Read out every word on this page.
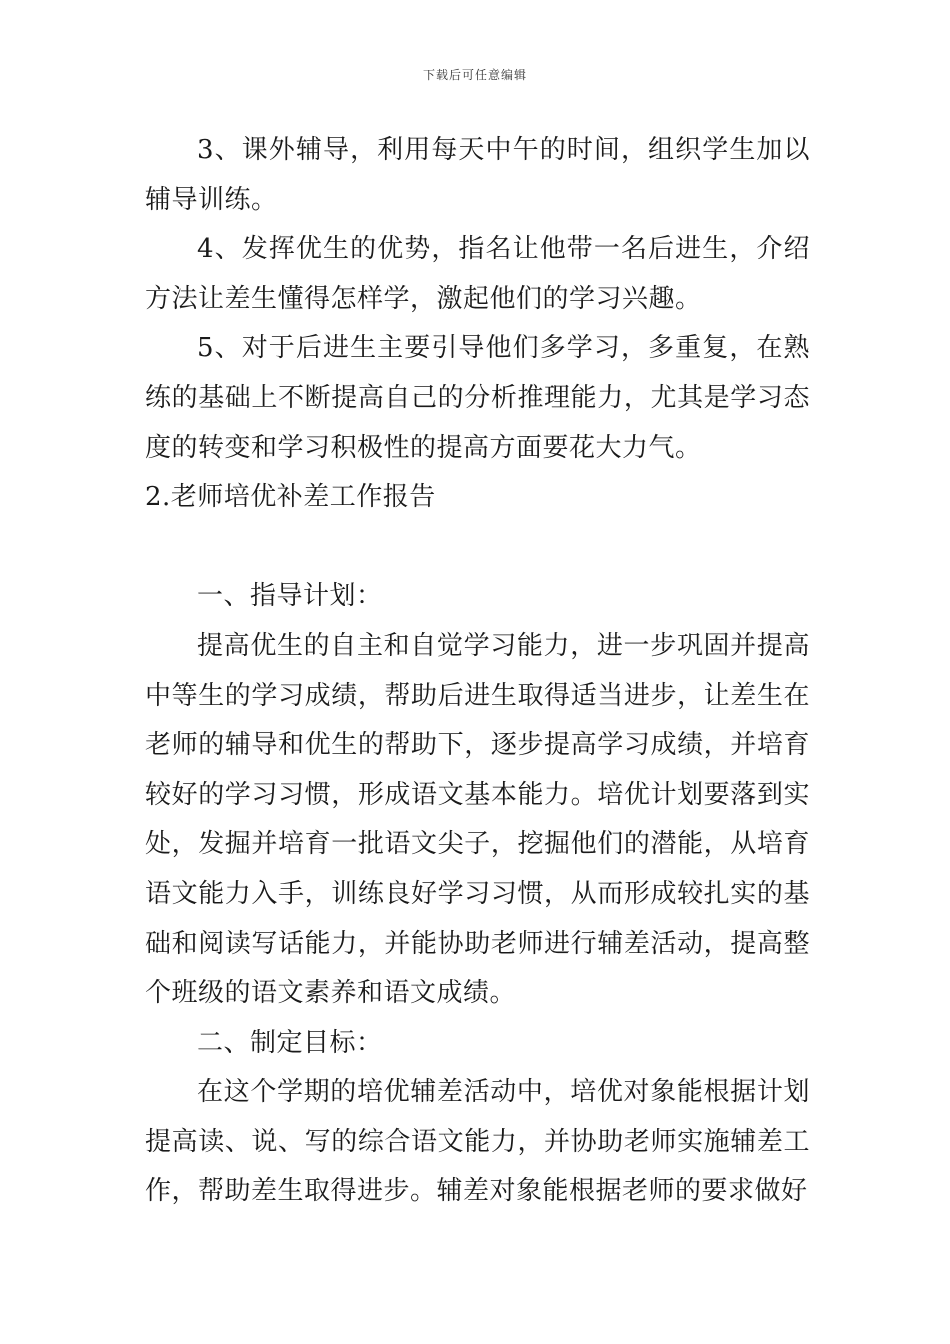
下载后可任意编辑

3、课外辅导，利用每天中午的时间，组织学生加以辅导训练。

4、发挥优生的优势，指名让他带一名后进生，介绍方法让差生懂得怎样学，激起他们的学习兴趣。

5、对于后进生主要引导他们多学习，多重复，在熟练的基础上不断提高自己的分析推理能力，尤其是学习态度的转变和学习积极性的提高方面要花大力气。

2.老师培优补差工作报告

一、指导计划：

提高优生的自主和自觉学习能力，进一步巩固并提高中等生的学习成绩，帮助后进生取得适当进步，让差生在老师的辅导和优生的帮助下，逐步提高学习成绩，并培育较好的学习习惯，形成语文基本能力。培优计划要落到实处，发掘并培育一批语文尖子，挖掘他们的潜能，从培育语文能力入手，训练良好学习习惯，从而形成较扎实的基础和阅读写话能力，并能协助老师进行辅差活动，提高整个班级的语文素养和语文成绩。

二、制定目标：

在这个学期的培优辅差活动中，培优对象能根据计划提高读、说、写的综合语文能力，并协助老师实施辅差工作，帮助差生取得进步。辅差对象能根据老师的要求做好
